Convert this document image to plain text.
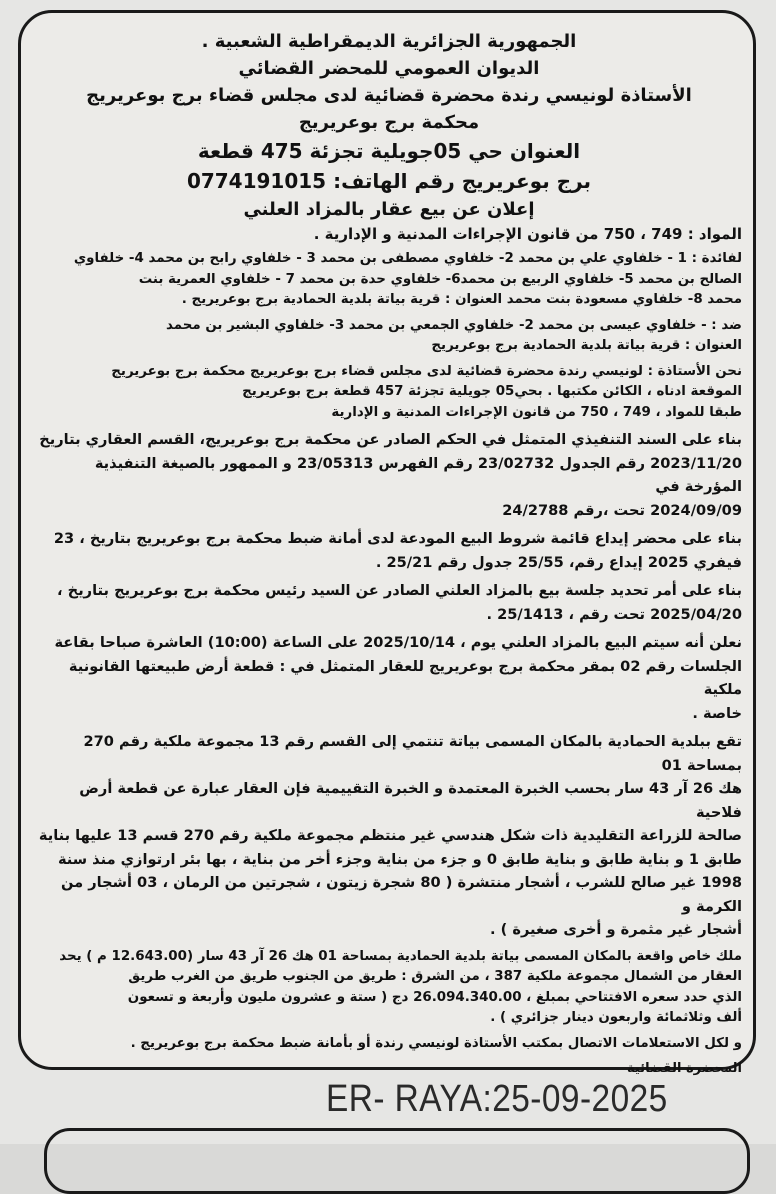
الجمهورية الجزائرية الديمقراطية الشعبية .

الديوان العمومي للمحضر القضائي

الأستاذة لونيسي رندة محضرة قضائية لدى مجلس قضاء برج بوعريريج

محكمة برج بوعريريج

العنوان حي 05جويلية تجزئة 475 قطعة

برج بوعريريج رقم الهاتف: 0774191015

إعلان عن بيع عقار بالمزاد العلني

المواد : 749 ، 750 من قانون الإجراءات المدنية و الإدارية .

لفائدة : 1 - خلفاوي علي بن محمد 2- خلفاوي مصطفى بن محمد 3 - خلفاوي رابح بن محمد 4- خلفاوي
الصالح بن محمد 5- خلفاوي الربيع بن محمد6- خلفاوي حدة بن محمد 7 - خلفاوي العمرية بنت
محمد 8- خلفاوي مسعودة بنت محمد العنوان : قرية بياتة بلدية الحمادية برج بوعريريج .

ضد : - خلفاوي عيسى بن محمد 2- خلفاوي الجمعي بن محمد 3- خلفاوي البشير بن محمد
العنوان : قرية بياتة بلدية الحمادية برج بوعريريج

نحن الأستاذة : لونيسي رندة محضرة قضائية لدى مجلس قضاء برج بوعريريج محكمة برج بوعريريج
الموقعة ادناه ، الكائن مكتبها . بحي05 جويلية تجزئة 457 قطعة برج بوعريريج
طبقا للمواد ، 749 ، 750 من قانون الإجراءات المدنية و الإدارية

بناء على السند التنفيذي المتمثل في الحكم الصادر عن محكمة برج بوعريريج، القسم العقاري بتاريخ
2023/11/20 رقم الجدول 23/02732 رقم الفهرس 23/05313 و الممهور بالصيغة التنفيذية المؤرخة في
2024/09/09 تحت ،رقم 24/2788

بناء على محضر إيداع قائمة شروط البيع المودعة لدى أمانة ضبط محكمة برج بوعريريج بتاريخ ، 23
فيفري 2025 إيداع رقم، 25/55 جدول رقم 25/21 .

بناء على أمر تحديد جلسة بيع بالمزاد العلني الصادر عن السيد رئيس محكمة برج بوعريريج بتاريخ ،
2025/04/20 تحت رقم ، 25/1413 .

نعلن أنه سيتم البيع بالمزاد العلني يوم ، 2025/10/14 على الساعة (10:00) العاشرة صباحا بقاعة
الجلسات رقم 02 بمقر محكمة برج بوعريريج للعقار المتمثل في : قطعة أرض طبيعتها القانونية ملكية
خاصة .

تقع ببلدية الحمادية بالمكان المسمى بياتة تنتمي إلى القسم رقم 13 مجموعة ملكية رقم 270 بمساحة 01
هك 26 آر 43 سار بحسب الخبرة المعتمدة و الخبرة التقييمية فإن العقار عبارة عن قطعة أرض فلاحية
صالحة للزراعة التقليدية ذات شكل هندسي غير منتظم مجموعة ملكية رقم 270 قسم 13 عليها بناية
طابق 1 و بناية طابق و بناية طابق 0 و جزء من بناية وجزء أخر من بناية ، بها بئر ارتوازي منذ سنة
1998 غير صالح للشرب ، أشجار منتشرة ( 80 شجرة زيتون ، شجرتين من الرمان ، 03 أشجار من الكرمة و
أشجار غير مثمرة و أخرى صغيرة ) .

ملك خاص واقعة بالمكان المسمى بياتة بلدية الحمادية بمساحة 01 هك 26 آر 43 سار (12.643.00 م ) يحد
العقار من الشمال مجموعة ملكية 387 ، من الشرق : طريق من الجنوب طريق من الغرب طريق
الذي حدد سعره الافتتاحي بمبلغ ، 26.094.340.00 دج ( ستة و عشرون مليون وأربعة و تسعون
ألف وثلاثمائة واربعون دينار جزائري ) .

و لكل الاستعلامات الاتصال بمكتب الأستاذة لونيسي رندة أو بأمانة ضبط محكمة برج بوعريريج .

المحضرة القضائية

ER- RAYA:25-09-2025
